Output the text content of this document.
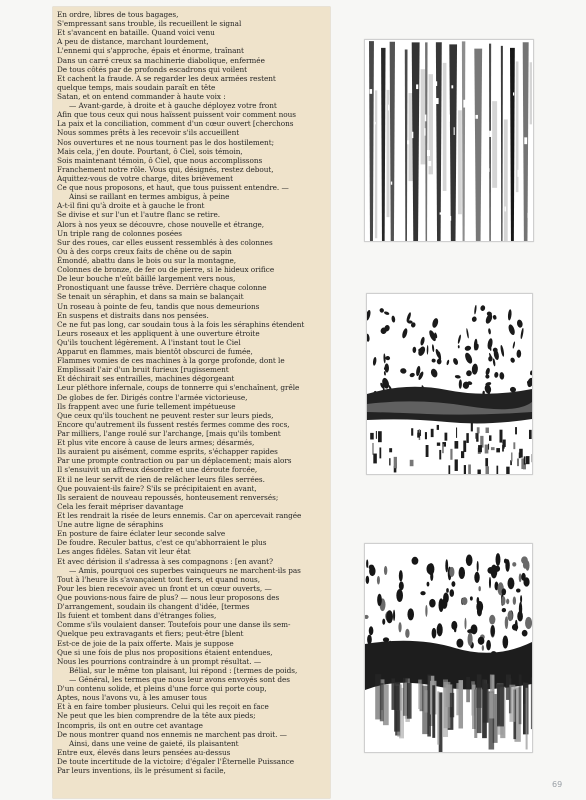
En ordre, libres de tous bagages,
S'empressant sans trouble, ils recueillent le signal
Et s'avancent en bataille. Quand voici venu
A peu de distance, marchant lourdement,
L'ennemi qui s'approche, épais et énorme, traînant
Dans un carré creux sa machinerie diabolique, enfermée
De tous côtés par de profonds escadrons qui voilent
Et cachent la fraude. A se regarder les deux armées restent
quelque temps, mais soudain paraît en tête
Satan, et on entend commander à haute voix :
— Avant-garde, à droite et à gauche déployez votre front
Afin que tous ceux qui nous haïssent puissent voir comment nous
La paix et la conciliation, comment d'un cœur ouvert [cherchons
Nous sommes prêts à les recevoir s'ils accueillent
Nos ouvertures et ne nous tournent pas le dos hostilement;
Mais cela, j'en doute. Pourtant, ô Ciel, sois témoin,
Sois maintenant témoin, ô Ciel, que nous accomplissons
Franchement notre rôle. Vous qui, désignés, restez debout,
Aquittez-vous de votre charge, dites brièvement
Ce que nous proposons, et haut, que tous puissent entendre. —
Ainsi se raillant en termes ambigus, à peine
A-t-il fini qu'à droite et à gauche le front
Se divise et sur l'un et l'autre flanc se retire.
Alors à nos yeux se découvre, chose nouvelle et étrange,
Un triple rang de colonnes posées
Sur des roues, car elles eussent ressemblés à des colonnes
Ou à des corps creux faits de chêne ou de sapin
Émondé, abattu dans le bois ou sur la montagne,
Colonnes de bronze, de fer ou de pierre, si le hideux orifice
De leur bouche n'eût bâillé largement vers nous,
Pronostiquant une fausse trêve. Derrière chaque colonne
Se tenait un séraphin, et dans sa main se balançait
Un roseau à pointe de feu, tandis que nous demeurions
En suspens et distraits dans nos pensées.
Ce ne fut pas long, car soudain tous à la fois les séraphins étendent
Leurs roseaux et les appliquent à une ouverture étroite
Qu'ils touchent légèrement. A l'instant tout le Ciel
Apparut en flammes, mais bientôt obscurci de fumée,
Flammes vomies de ces machines à la gorge profonde, dont le
Emplissait l'air d'un bruit furieux [rugissement
Et déchirait ses entrailles, machines dégorgeant
Leur pléthore infernale, coups de tonnerre qui s'enchaînent, grêle
De globes de fer. Dirigés contre l'armée victorieuse,
Ils frappent avec une furie tellement impétueuse
Que ceux qu'ils touchent ne peuvent rester sur leurs pieds,
Encore qu'autrement ils fussent restés fermes comme des rocs,
Par milliers, l'ange roulé sur l'archange, [mais qu'ils tombent
Et plus vite encore à cause de leurs armes; désarmés,
Ils auraient pu aisément, comme esprits, s'échapper rapides
Par une prompte contraction ou par un déplacement; mais alors
Il s'ensuivit un affreux désordre et une déroute forcée,
Et il ne leur servit de rien de relâcher leurs files serrées.
Que pouvaient-ils faire? S'ils se précipitaient en avant,
Ils seraient de nouveau repoussés, honteusement renversés;
Cela les ferait mépriser davantage
Et les rendrait la risée de leurs ennemis. Car on apercevait rangée
Une autre ligne de séraphins
En posture de faire éclater leur seconde salve
De foudre. Reculer battus, c'est ce qu'abhorraient le plus
Les anges fidèles. Satan vit leur état
Et avec dérision il s'adressa à ses compagnons : [en avant?
— Amis, pourquoi ces superbes vainqueurs ne marchent-ils pas
Tout à l'heure ils s'avançaient tout fiers, et quand nous,
Pour les bien recevoir avec un front et un cœur ouverts, —
Que pouvions-nous faire de plus? — nous leur proposons des
D'arrangement, soudain ils changent d'idée, [termes
Ils fuient et tombent dans d'étranges folies,
Comme s'ils voulaient danser. Toutefois pour une danse ils sem-
Quelque peu extravagants et fiers; peut-être [blent
Est-ce de joie de la paix offerte. Mais je suppose
Que si une fois de plus nos propositions étaient entendues,
Nous les pourrions contraindre à un prompt résultat. —
Bélial, sur le même ton plaisant, lui répond : [termes de poids,
— Général, les termes que nous leur avons envoyés sont des
D'un contenu solide, et pleins d'une force qui porte coup,
Aptes, nous l'avons vu, à les amuser tous
Et à en faire tomber plusieurs. Celui qui les reçoit en face
Ne peut que les bien comprendre de la tête aux pieds;
Incompris, ils ont en outre cet avantage
De nous montrer quand nos ennemis ne marchent pas droit. —
Ainsi, dans une veine de gaieté, ils plaisantent
Entre eux, élevés dans leurs pensées au-dessus
De toute incertitude de la victoire; d'égaler l'Éternelle Puissance
Par leurs inventions, ils le présument si facile,
69
